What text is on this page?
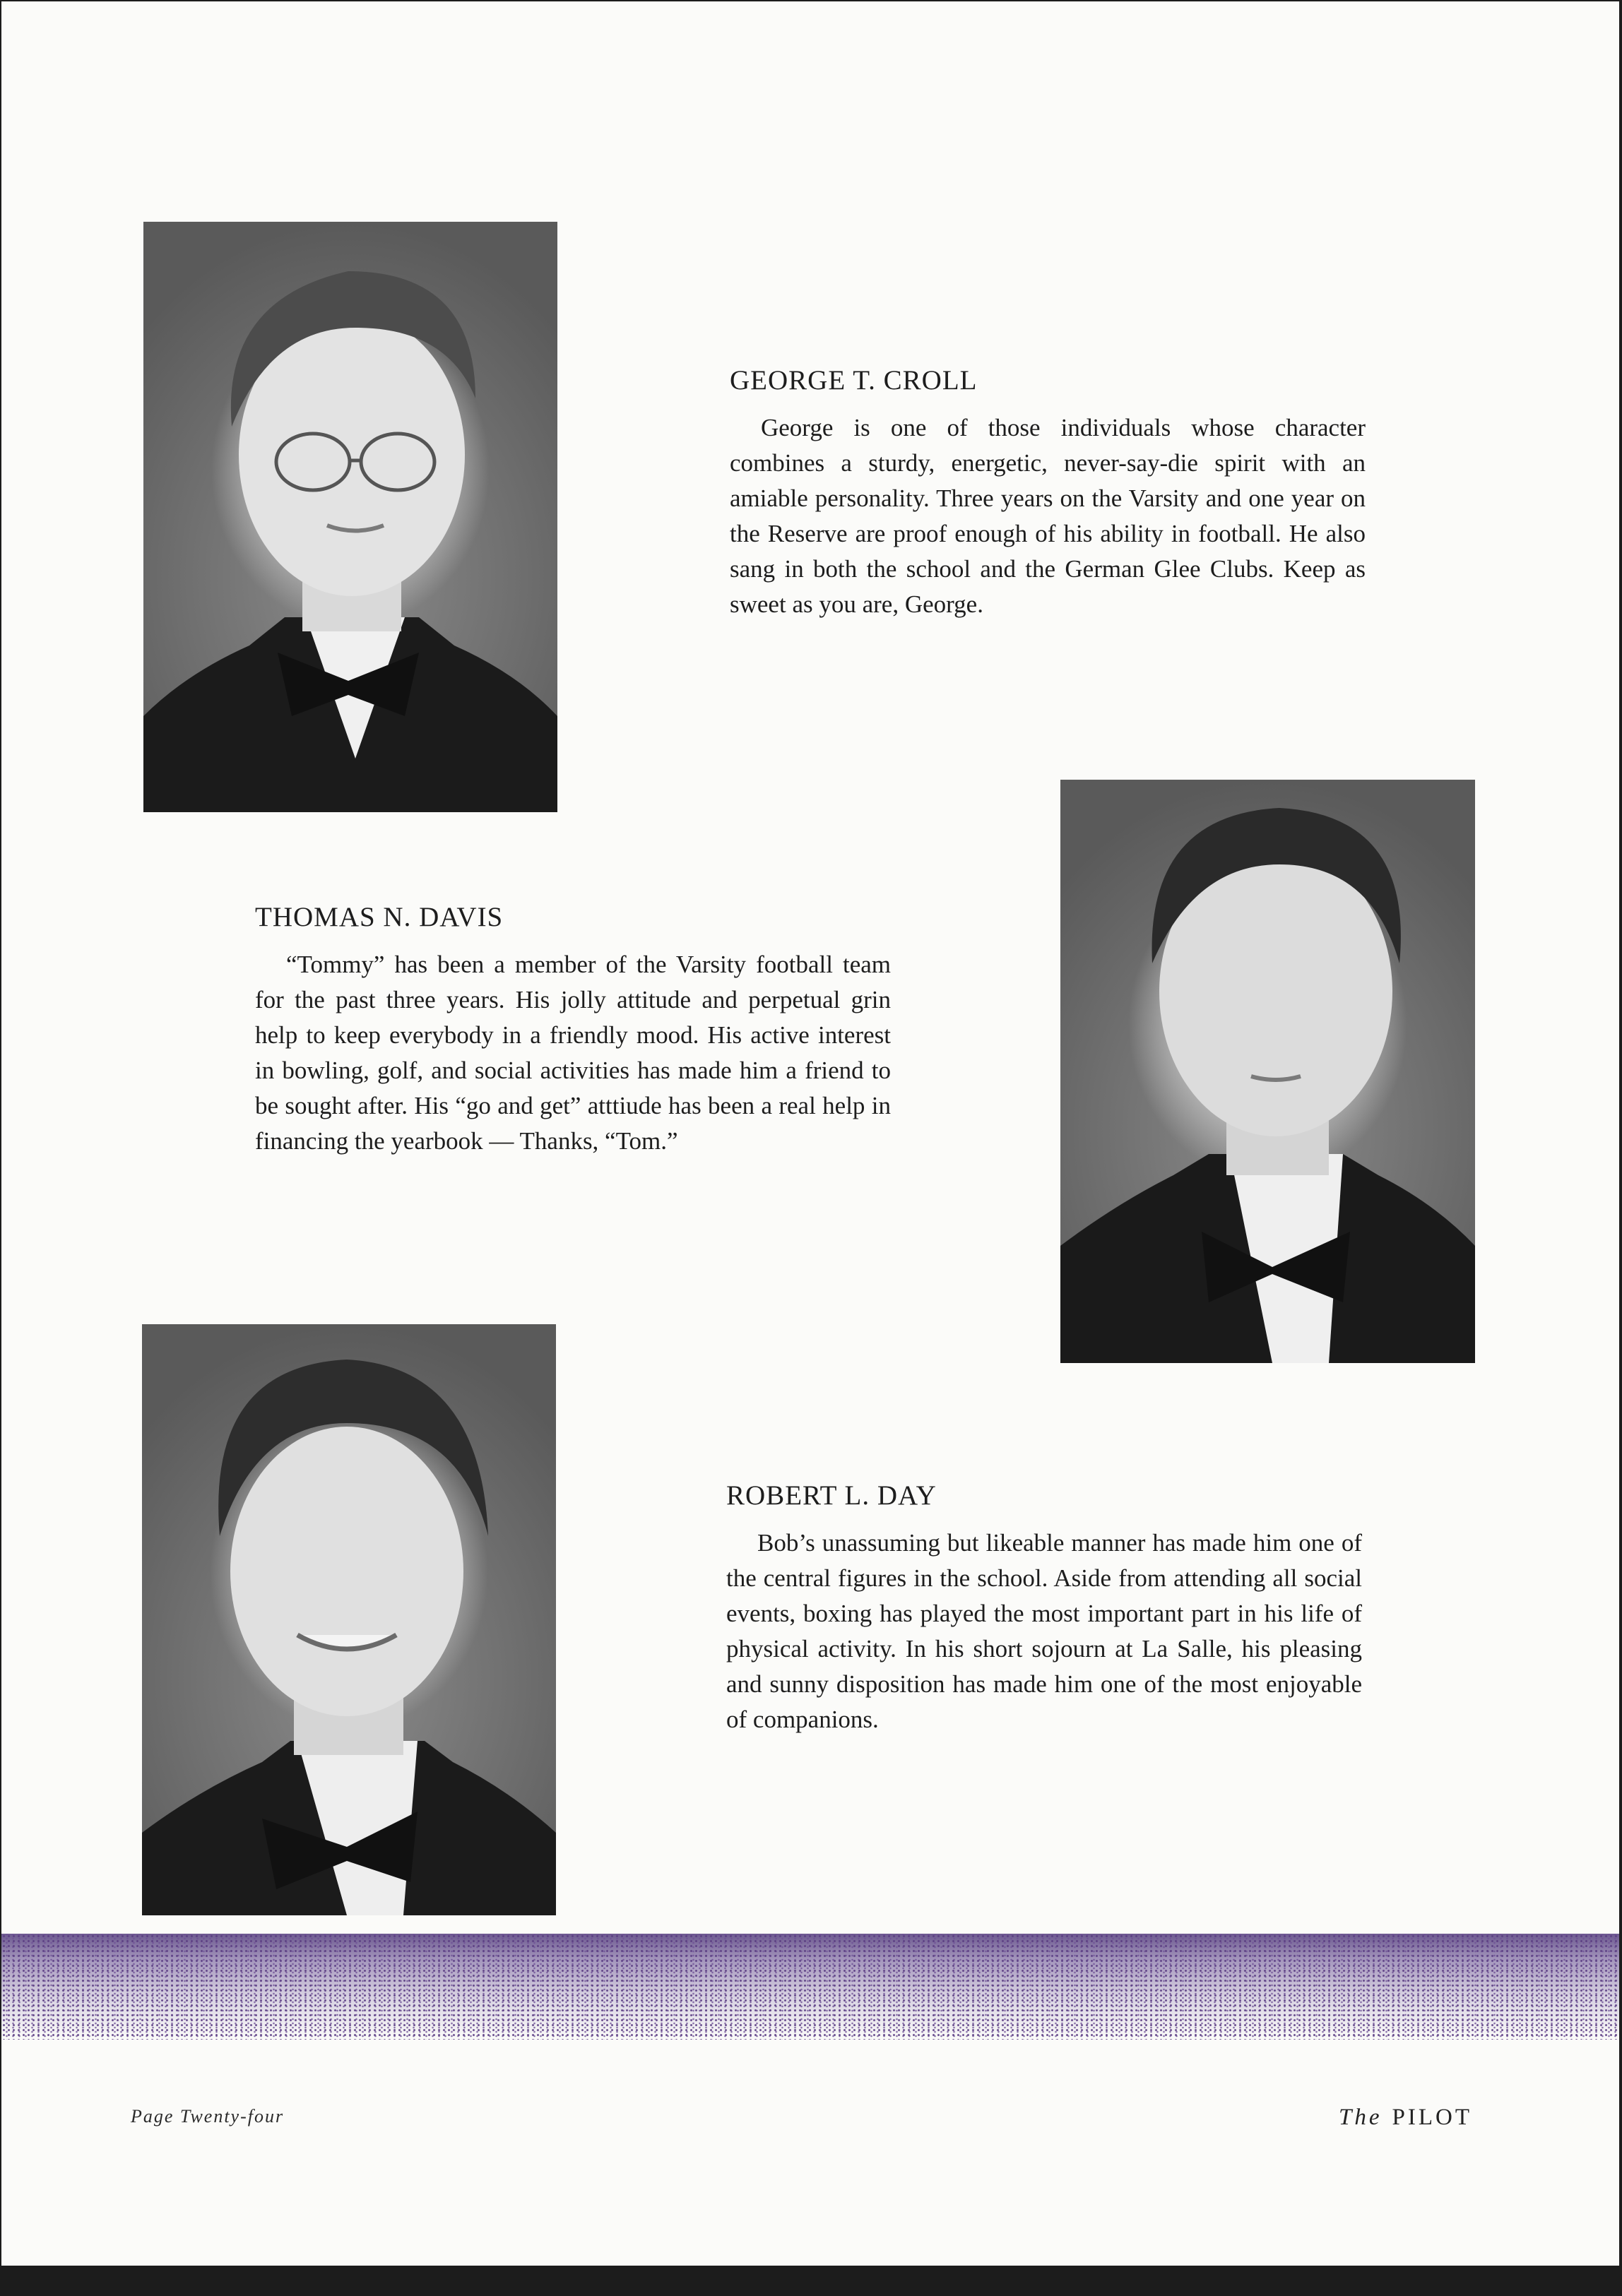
GEORGE T. CROLL

George is one of those individuals whose character combines a sturdy, energetic, never-say-die spirit with an amiable personality. Three years on the Varsity and one year on the Reserve are proof enough of his ability in football. He also sang in both the school and the German Glee Clubs. Keep as sweet as you are, George.

THOMAS N. DAVIS

“Tommy” has been a member of the Varsity football team for the past three years. His jolly attitude and perpetual grin help to keep everybody in a friendly mood. His active interest in bowling, golf, and social activities has made him a friend to be sought after. His “go and get” atttiude has been a real help in financing the yearbook — Thanks, “Tom.”

ROBERT L. DAY

Bob’s unassuming but likeable manner has made him one of the central figures in the school. Aside from attending all social events, boxing has played the most important part in his life of physical activity. In his short sojourn at La Salle, his pleasing and sunny disposition has made him one of the most enjoyable of companions.

Page Twenty-four	The PILOT
